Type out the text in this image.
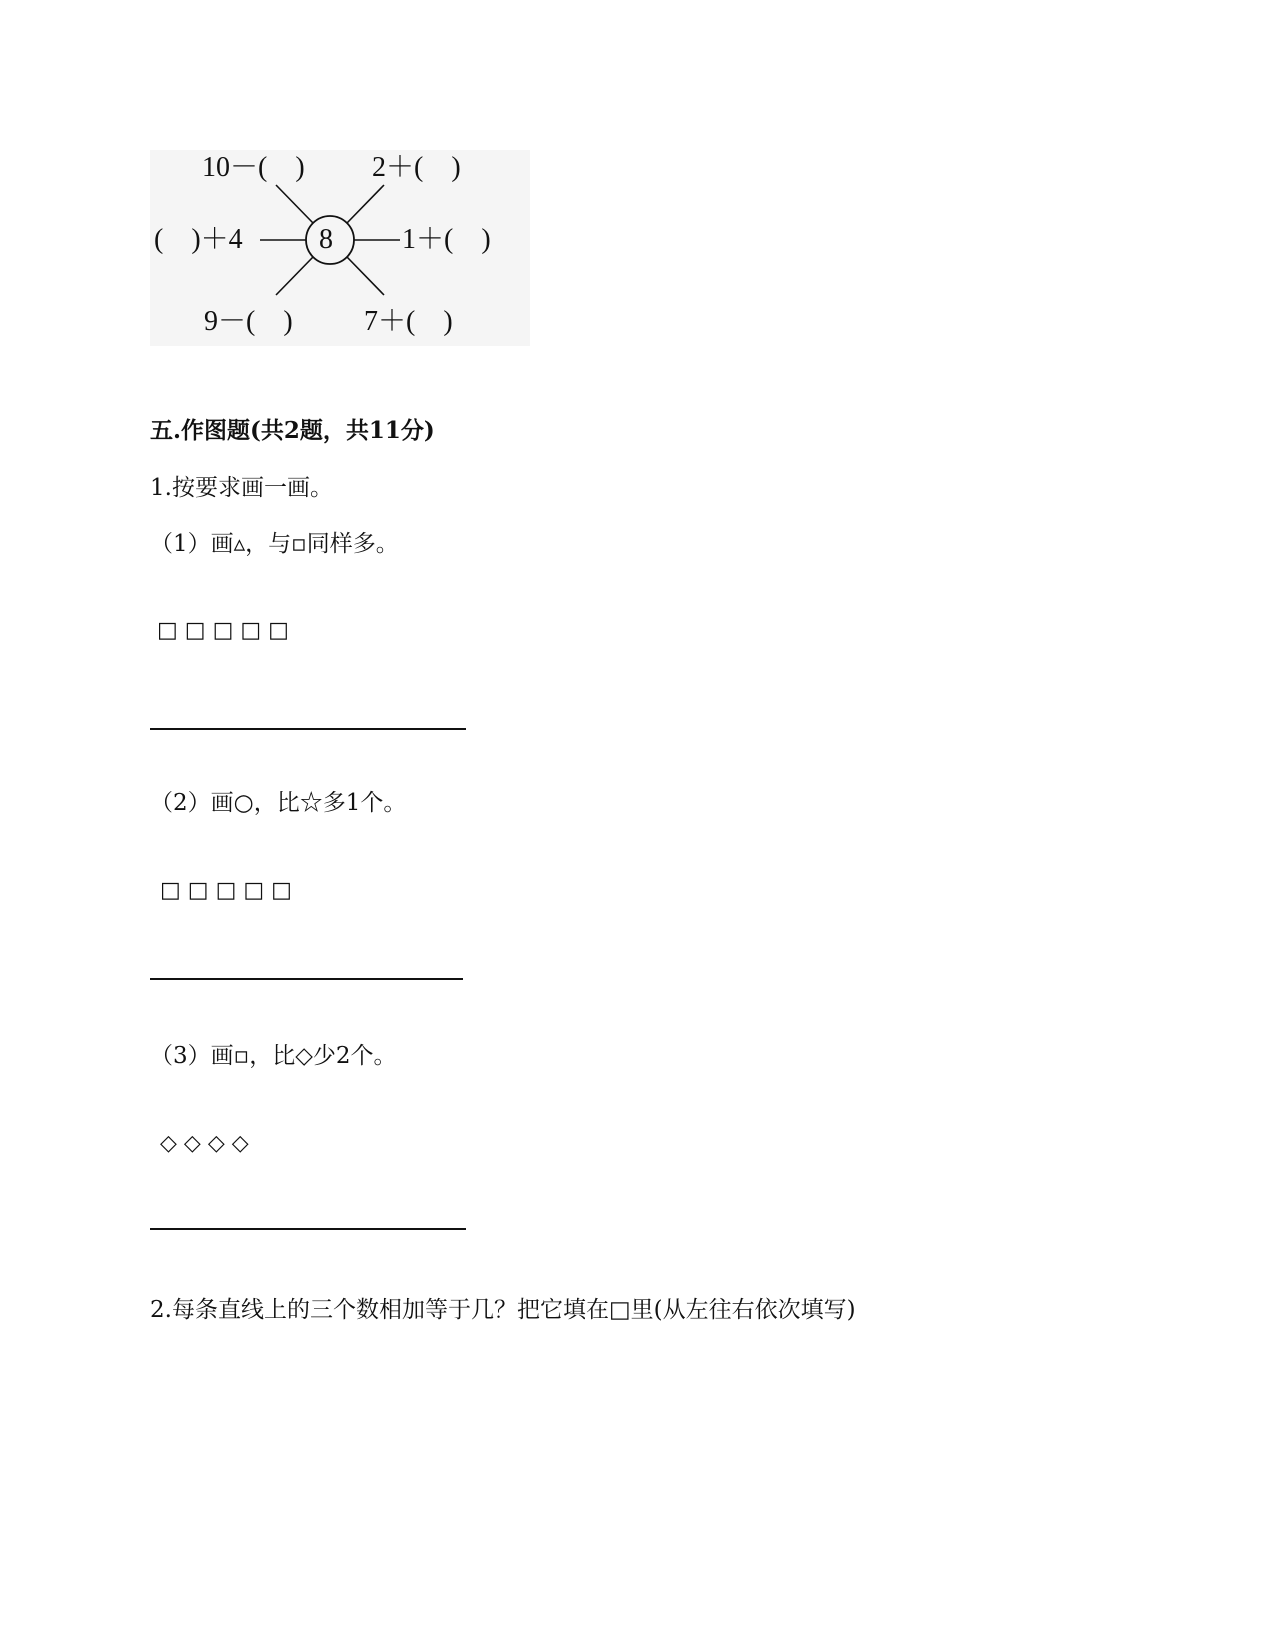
8
10－(　) 2＋(　)
(　)＋4	1＋(　)
9－(　)	7＋(　)
五.作图题(共2题，共11分)
1.按要求画一画。
（1）画▵，与▫同样多。
□□□□□
（2）画○，比☆多1个。
□□□□□
（3）画▫，比◇少2个。
◇◇◇◇
2.每条直线上的三个数相加等于几？把它填在□里(从左往右依次填写)
